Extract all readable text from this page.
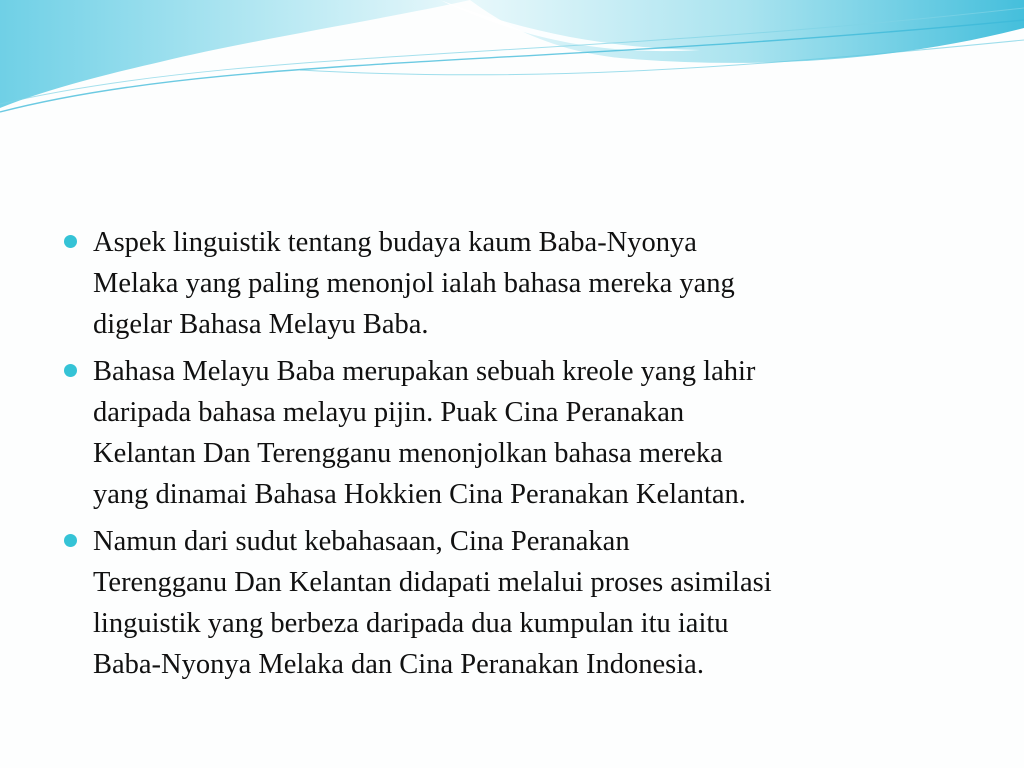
Aspek linguistik tentang budaya kaum Baba-Nyonya
Melaka yang paling menonjol ialah bahasa mereka yang
digelar Bahasa Melayu Baba.
Bahasa Melayu Baba merupakan sebuah kreole yang lahir
daripada bahasa melayu pijin. Puak Cina Peranakan
Kelantan Dan Terengganu menonjolkan bahasa mereka
yang dinamai Bahasa Hokkien Cina Peranakan Kelantan.
Namun dari sudut kebahasaan, Cina Peranakan
Terengganu Dan Kelantan didapati melalui proses asimilasi
linguistik yang berbeza daripada dua kumpulan itu iaitu
Baba-Nyonya Melaka dan Cina Peranakan Indonesia.
